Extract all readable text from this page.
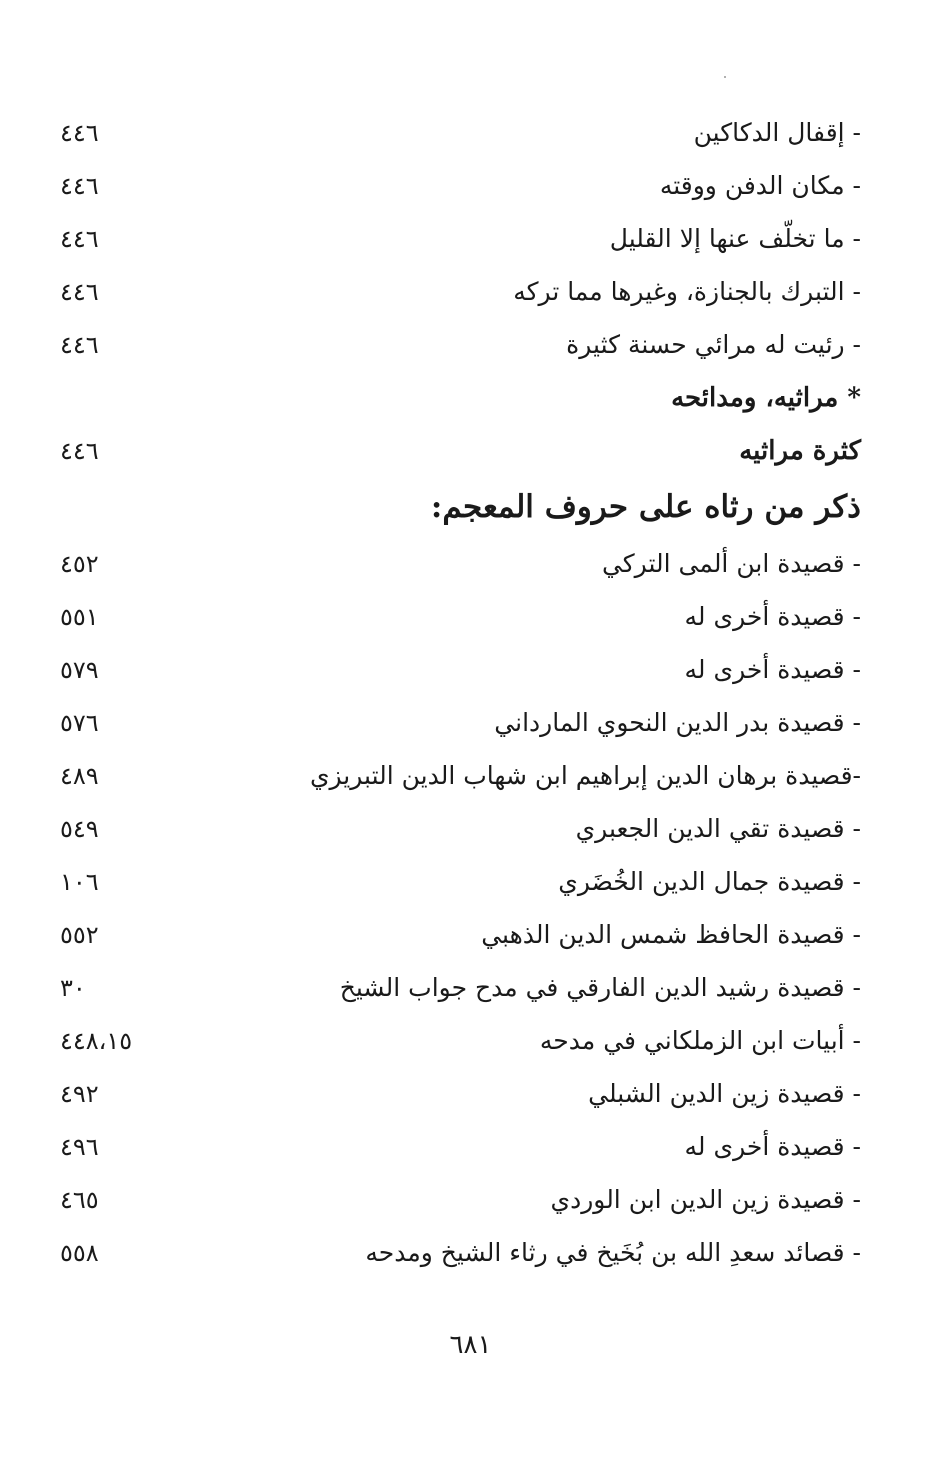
- إقفال الدكاكين
٤٤٦
- مكان الدفن ووقته
٤٤٦
- ما تخلّف عنها إلا القليل
٤٤٦
- التبرك بالجنازة، وغيرها مما تركه
٤٤٦
- رئيت له مرائي حسنة كثيرة
٤٤٦
* مراثيه، ومدائحه
كثرة مراثيه
٤٤٦
ذكر من رثاه على حروف المعجم:
- قصيدة ابن ألمى التركي
٤٥٢
- قصيدة أخرى له
٥٥١
- قصيدة أخرى له
٥٧٩
- قصيدة بدر الدين النحوي المارداني
٥٧٦
-قصيدة برهان الدين إبراهيم ابن شهاب الدين التبريزي
٤٨٩
- قصيدة تقي الدين الجعبري
٥٤٩
- قصيدة جمال الدين الخُضَري
١٠٦
- قصيدة الحافظ شمس الدين الذهبي
٥٥٢
- قصيدة رشيد الدين الفارقي في مدح جواب الشيخ
٣٠
- أبيات ابن الزملكاني في مدحه
٤٤٨،١٥
- قصيدة زين الدين الشبلي
٤٩٢
- قصيدة أخرى له
٤٩٦
- قصيدة زين الدين ابن الوردي
٤٦٥
- قصائد سعدِ الله بن بُخَيخ في رثاء الشيخ ومدحه
٥٥٨
٦٨١
